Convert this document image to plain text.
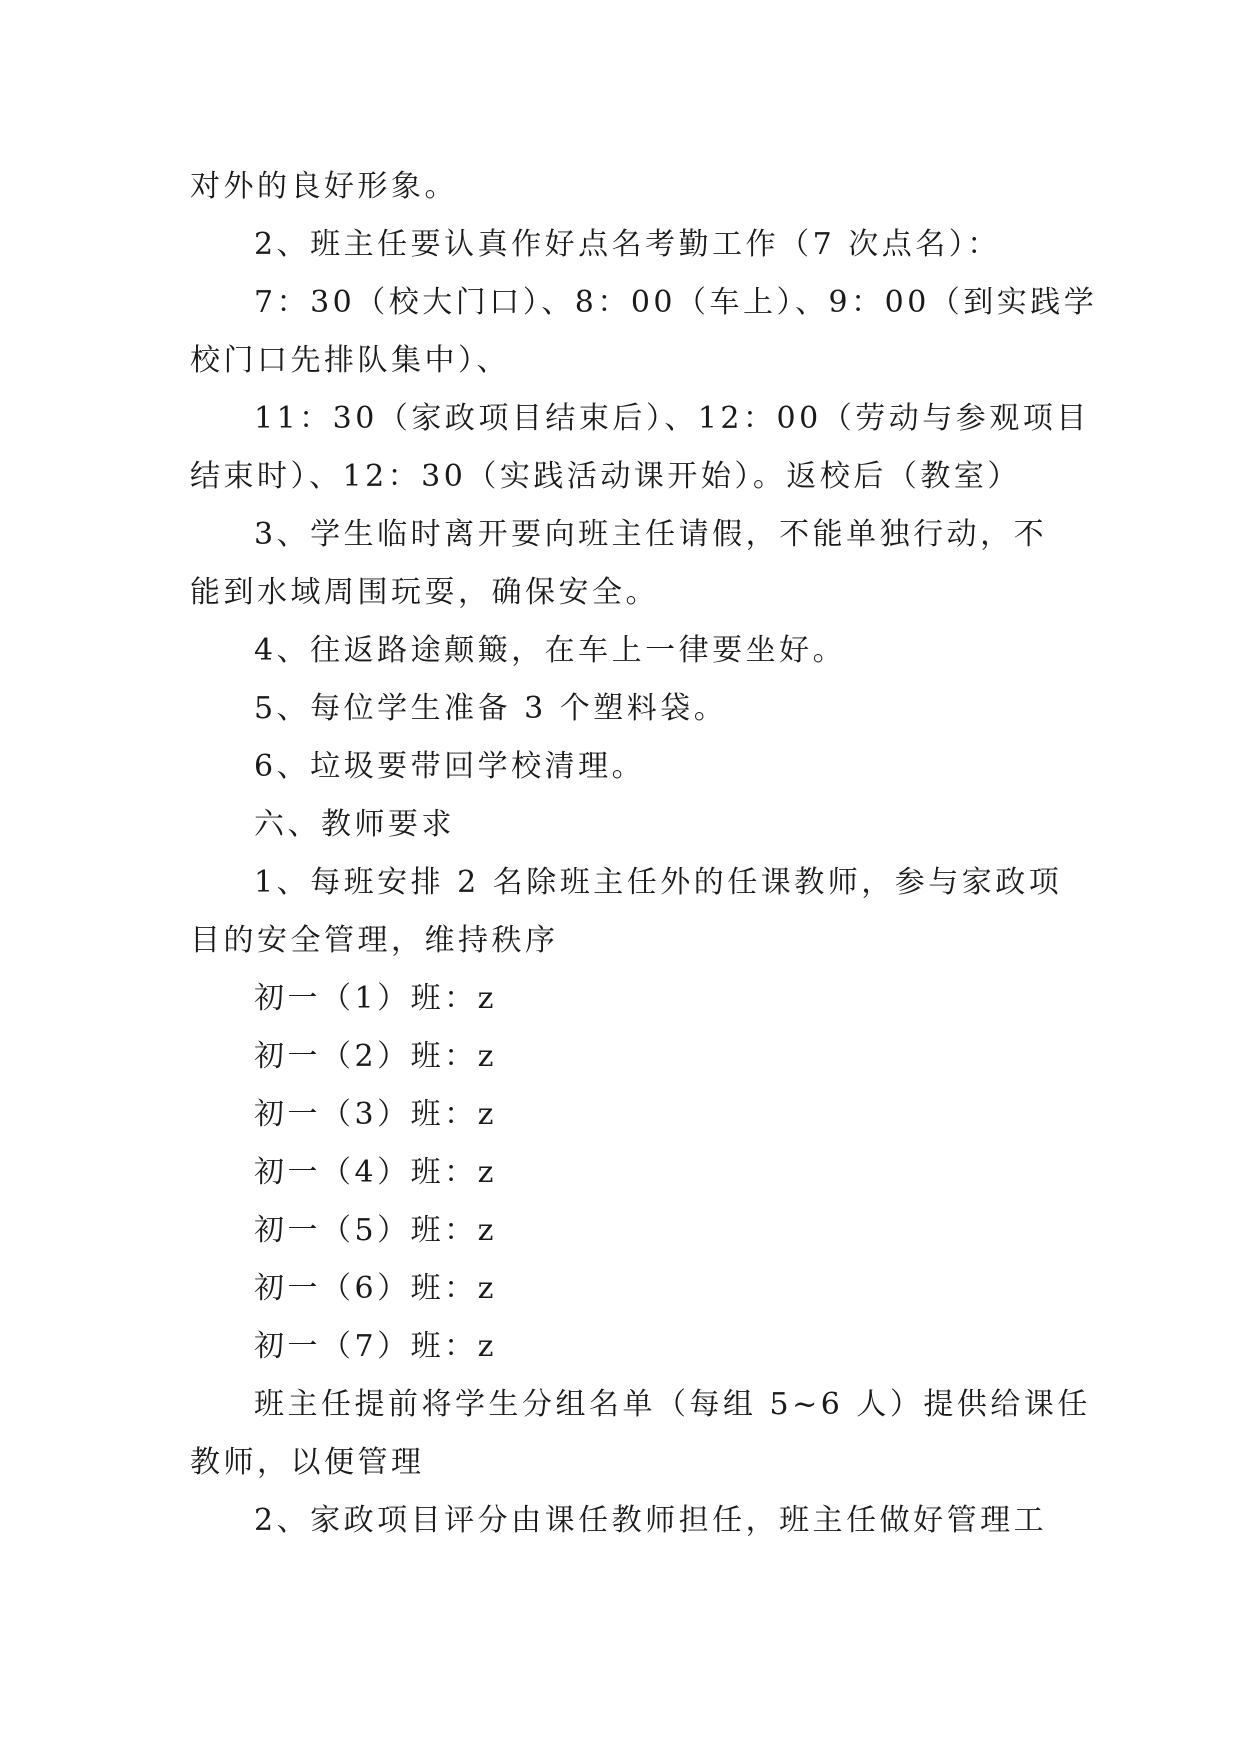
对外的良好形象。
2、班主任要认真作好点名考勤工作（7 次点名）：
7：30（校大门口）、8：00（车上）、9：00（到实践学
校门口先排队集中）、
11：30（家政项目结束后）、12：00（劳动与参观项目
结束时）、12：30（实践活动课开始）。返校后（教室）
3、学生临时离开要向班主任请假，不能单独行动，不
能到水域周围玩耍，确保安全。
4、往返路途颠簸，在车上一律要坐好。
5、每位学生准备 3 个塑料袋。
6、垃圾要带回学校清理。
六、教师要求
1、每班安排 2 名除班主任外的任课教师，参与家政项
目的安全管理，维持秩序
初一（1）班：z
初一（2）班：z
初一（3）班：z
初一（4）班：z
初一（5）班：z
初一（6）班：z
初一（7）班：z
班主任提前将学生分组名单（每组 5~6 人）提供给课任
教师，以便管理
2、家政项目评分由课任教师担任，班主任做好管理工
